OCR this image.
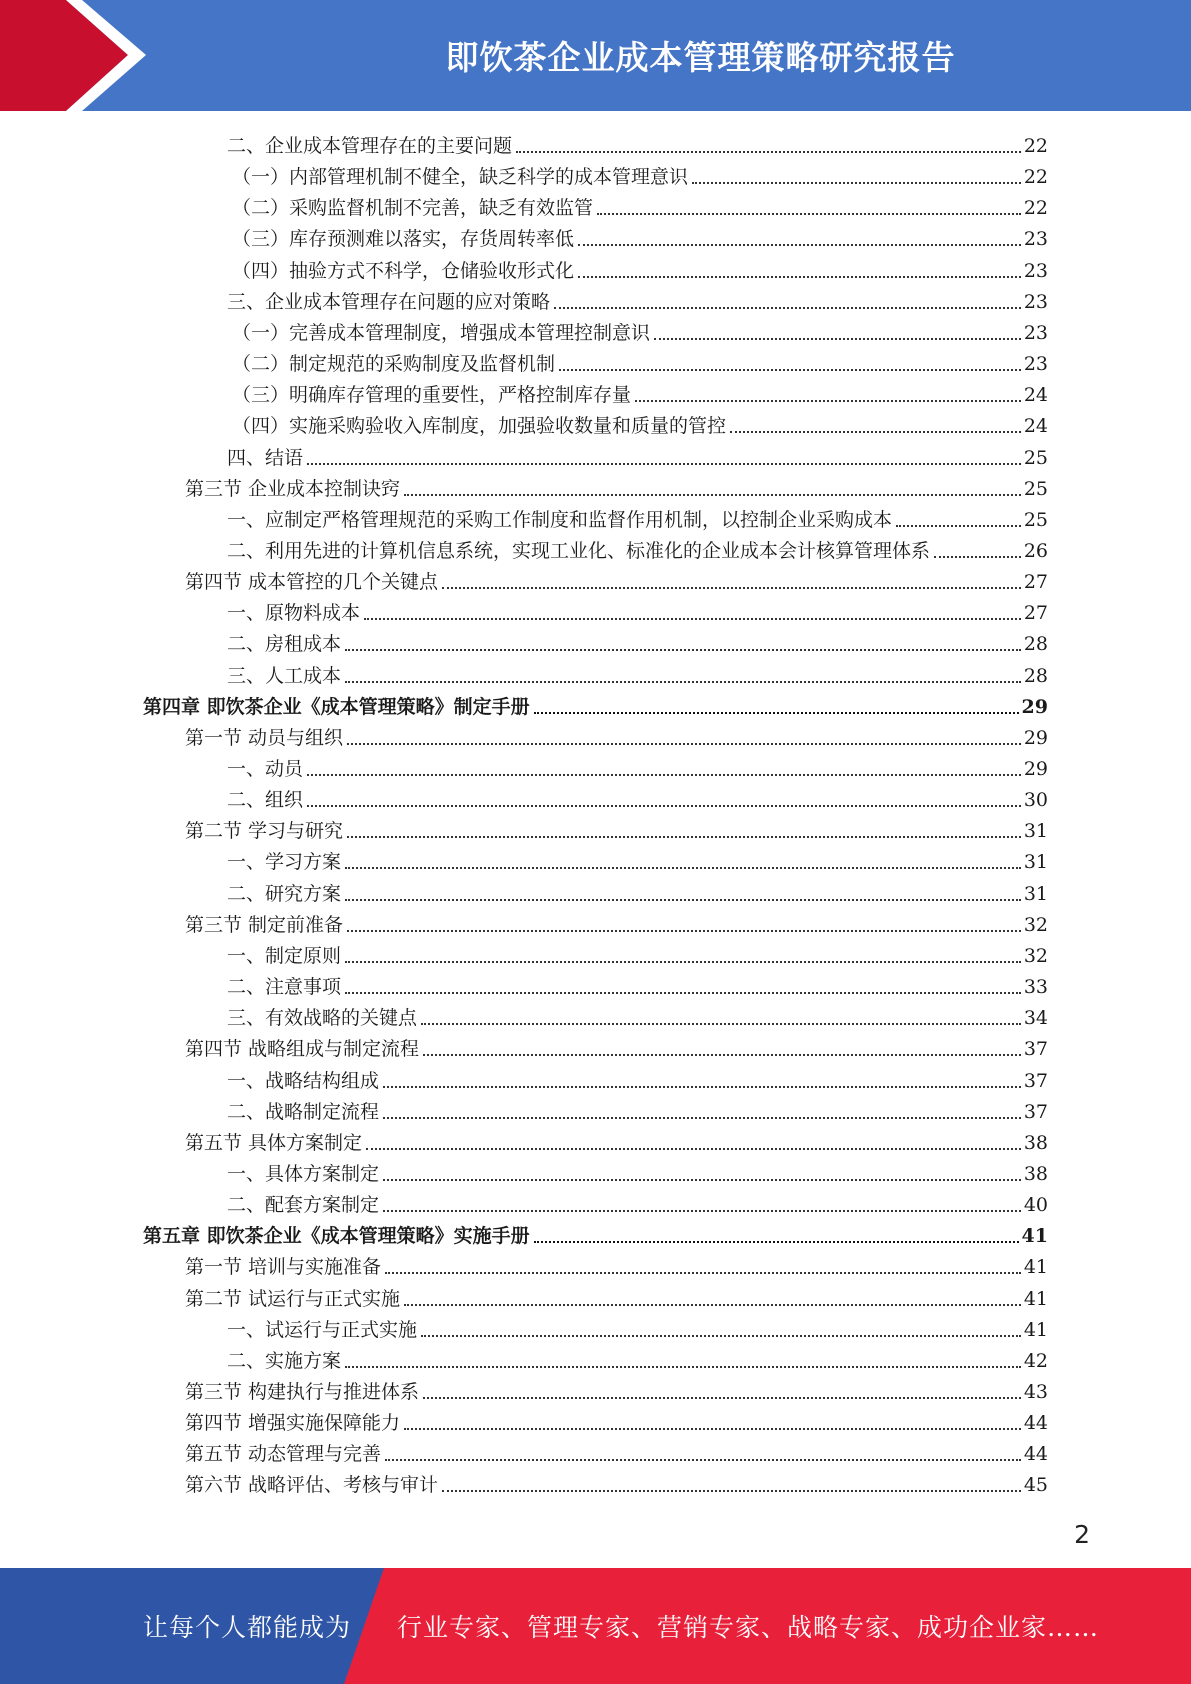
即饮茶企业成本管理策略研究报告
二、企业成本管理存在的主要问题	22
（一）内部管理机制不健全，缺乏科学的成本管理意识	22
（二）采购监督机制不完善，缺乏有效监管	22
（三）库存预测难以落实，存货周转率低	23
（四）抽验方式不科学，仓储验收形式化	23
三、企业成本管理存在问题的应对策略	23
（一）完善成本管理制度，增强成本管理控制意识	23
（二）制定规范的采购制度及监督机制	23
（三）明确库存管理的重要性，严格控制库存量	24
（四）实施采购验收入库制度，加强验收数量和质量的管控	24
四、结语	25
第三节 企业成本控制诀窍	25
一、应制定严格管理规范的采购工作制度和监督作用机制，以控制企业采购成本	25
二、利用先进的计算机信息系统，实现工业化、标准化的企业成本会计核算管理体系	26
第四节 成本管控的几个关键点	27
一、原物料成本	27
二、房租成本	28
三、人工成本	28
第四章 即饮茶企业《成本管理策略》制定手册	29
第一节 动员与组织	29
一、动员	29
二、组织	30
第二节 学习与研究	31
一、学习方案	31
二、研究方案	31
第三节 制定前准备	32
一、制定原则	32
二、注意事项	33
三、有效战略的关键点	34
第四节 战略组成与制定流程	37
一、战略结构组成	37
二、战略制定流程	37
第五节 具体方案制定	38
一、具体方案制定	38
二、配套方案制定	40
第五章 即饮茶企业《成本管理策略》实施手册	41
第一节 培训与实施准备	41
第二节 试运行与正式实施	41
一、试运行与正式实施	41
二、实施方案	42
第三节 构建执行与推进体系	43
第四节 增强实施保障能力	44
第五节 动态管理与完善	44
第六节 战略评估、考核与审计	45
2
让每个人都能成为 行业专家、管理专家、营销专家、战略专家、成功企业家……
